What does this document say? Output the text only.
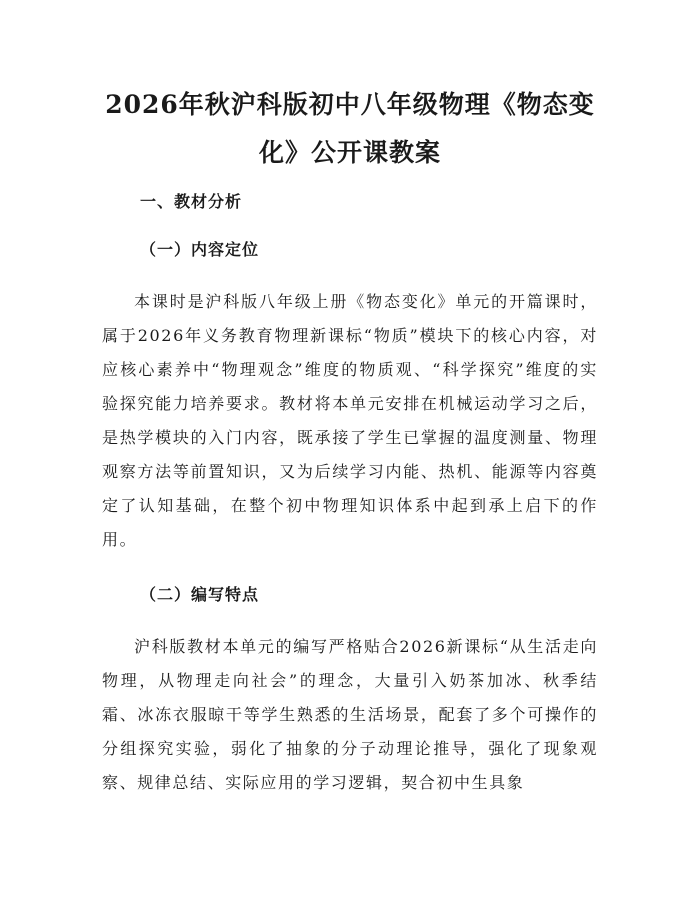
2026年秋沪科版初中八年级物理《物态变
化》公开课教案
一、教材分析
（一）内容定位

本课时是沪科版八年级上册《物态变化》单元的开篇课时，属于2026年义务教育物理新课标“物质”模块下的核心内容，对应核心素养中“物理观念”维度的物质观、“科学探究”维度的实验探究能力培养要求。教材将本单元安排在机械运动学习之后，是热学模块的入门内容，既承接了学生已掌握的温度测量、物理观察方法等前置知识，又为后续学习内能、热机、能源等内容奠定了认知基础，在整个初中物理知识体系中起到承上启下的作用。

（二）编写特点

沪科版教材本单元的编写严格贴合2026新课标“从生活走向物理，从物理走向社会”的理念，大量引入奶茶加冰、秋季结霜、冰冻衣服晾干等学生熟悉的生活场景，配套了多个可操作的分组探究实验，弱化了抽象的分子动理论推导，强化了现象观察、规律总结、实际应用的学习逻辑，契合初中生具象
